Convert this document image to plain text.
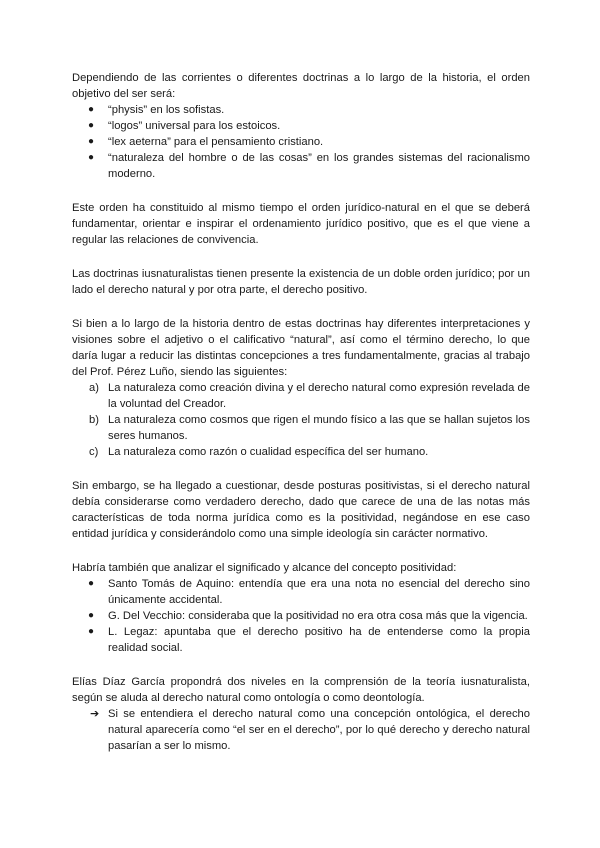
Dependiendo de las corrientes o diferentes doctrinas a lo largo de la historia, el orden objetivo del ser será:

● “physis” en los sofistas.
● “logos” universal para los estoicos.
● “lex aeterna” para el pensamiento cristiano.
● “naturaleza del hombre o de las cosas” en los grandes sistemas del racionalismo moderno.

Este orden ha constituido al mismo tiempo el orden jurídico-natural en el que se deberá fundamentar, orientar e inspirar el ordenamiento jurídico positivo, que es el que viene a regular las relaciones de convivencia.

Las doctrinas iusnaturalistas tienen presente la existencia de un doble orden jurídico; por un lado el derecho natural y por otra parte, el derecho positivo.

Si bien a lo largo de la historia dentro de estas doctrinas hay diferentes interpretaciones y visiones sobre el adjetivo o el calificativo “natural”, así como el término derecho, lo que daría lugar a reducir las distintas concepciones a tres fundamentalmente, gracias al trabajo del Prof. Pérez Luño, siendo las siguientes:

a) La naturaleza como creación divina y el derecho natural como expresión revelada de la voluntad del Creador.
b) La naturaleza como cosmos que rigen el mundo físico a las que se hallan sujetos los seres humanos.
c) La naturaleza como razón o cualidad específica del ser humano.

Sin embargo, se ha llegado a cuestionar, desde posturas positivistas, si el derecho natural debía considerarse como verdadero derecho, dado que carece de una de las notas más características de toda norma jurídica como es la positividad, negándose en ese caso entidad jurídica y considerándolo como una simple ideología sin carácter normativo.

Habría también que analizar el significado y alcance del concepto positividad:

● Santo Tomás de Aquino: entendía que era una nota no esencial del derecho sino únicamente accidental.
● G. Del Vecchio: consideraba que la positividad no era otra cosa más que la vigencia.
● L. Legaz: apuntaba que el derecho positivo ha de entenderse como la propia realidad social.

Elías Díaz García propondrá dos niveles en la comprensión de la teoría iusnaturalista, según se aluda al derecho natural como ontología o como deontología.

➔ Si se entendiera el derecho natural como una concepción ontológica, el derecho natural aparecería como “el ser en el derecho”, por lo qué derecho y derecho natural pasarían a ser lo mismo.
